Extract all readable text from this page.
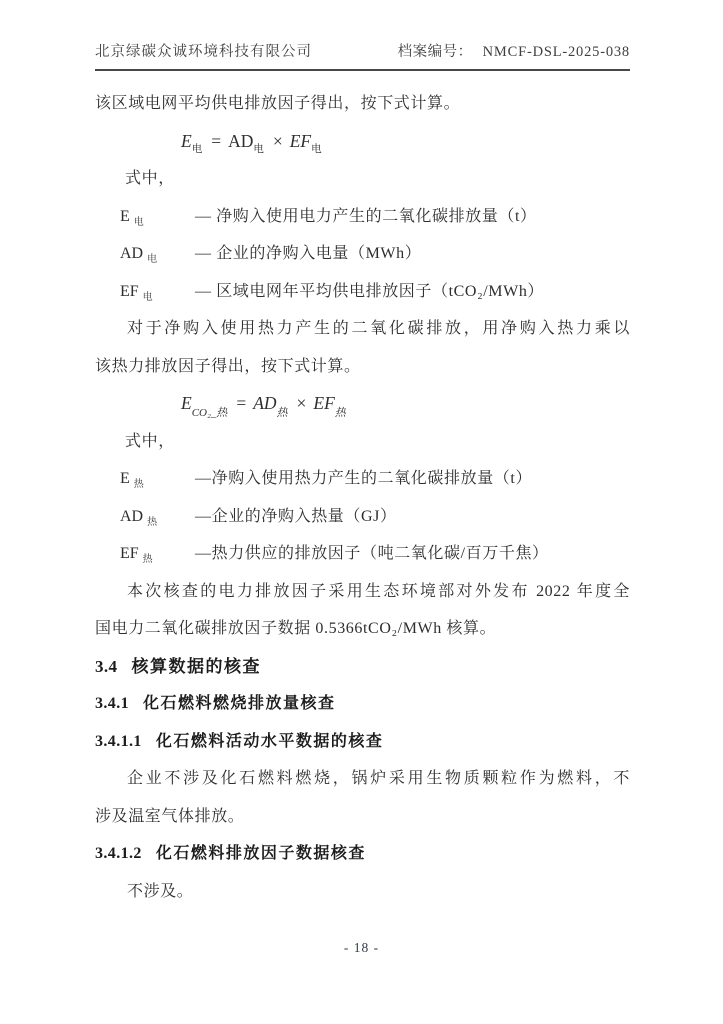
北京绿碳众诚环境科技有限公司	档案编号： NMCF-DSL-2025-038
该区域电网平均供电排放因子得出，按下式计算。
$E_电 = AD_电 \times EF_电$
式中，
E $_电$	— 净购入使用电力产生的二氧化碳排放量（t）
AD $_电$ — 企业的净购入电量（MWh）
EF $_电$	— 区域电网年平均供电排放因子（tCO₂/MWh）
对于净购入使用热力产生的二氧化碳排放，用净购入热力乘以
该热力排放因子得出，按下式计算。
$E_{CO_2\_热} = AD_热 \times EF_热$
式中，
E $_热$	—净购入使用热力产生的二氧化碳排放量（t）
AD $_热$ —企业的净购入热量（GJ）
EF $_热$	—热力供应的排放因子（吨二氧化碳/百万千焦）
本次核查的电力排放因子采用生态环境部对外发布 2022 年度全
国电力二氧化碳排放因子数据 0.5366tCO₂/MWh 核算。
3.4 核算数据的核查
3.4.1 化石燃料燃烧排放量核查
3.4.1.1 化石燃料活动水平数据的核查
企业不涉及化石燃料燃烧，锅炉采用生物质颗粒作为燃料，不
涉及温室气体排放。
3.4.1.2 化石燃料排放因子数据核查
不涉及。
- 18 -
